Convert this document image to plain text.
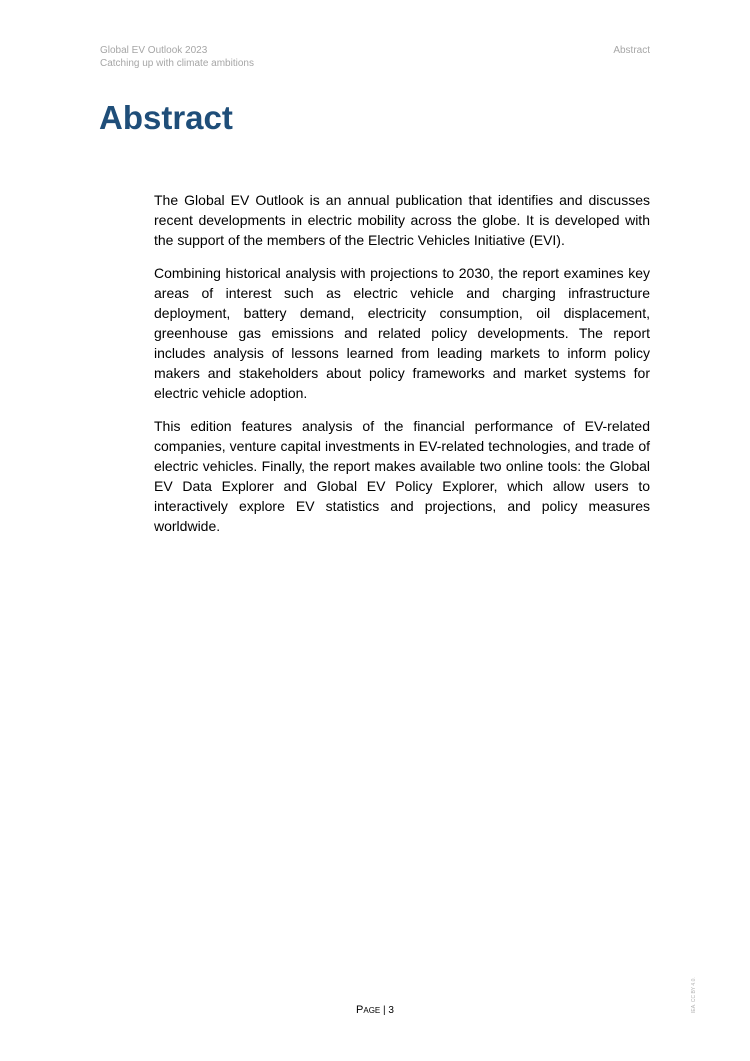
Global EV Outlook 2023
Catching up with climate ambitions
Abstract
Abstract

The Global EV Outlook is an annual publication that identifies and discusses recent developments in electric mobility across the globe. It is developed with the support of the members of the Electric Vehicles Initiative (EVI).

Combining historical analysis with projections to 2030, the report examines key areas of interest such as electric vehicle and charging infrastructure deployment, battery demand, electricity consumption, oil displacement, greenhouse gas emissions and related policy developments. The report includes analysis of lessons learned from leading markets to inform policy makers and stakeholders about policy frameworks and market systems for electric vehicle adoption.

This edition features analysis of the financial performance of EV-related companies, venture capital investments in EV-related technologies, and trade of electric vehicles. Finally, the report makes available two online tools: the Global EV Data Explorer and Global EV Policy Explorer, which allow users to interactively explore EV statistics and projections, and policy measures worldwide.

Page | 3	IEA. CC BY 4.0.
